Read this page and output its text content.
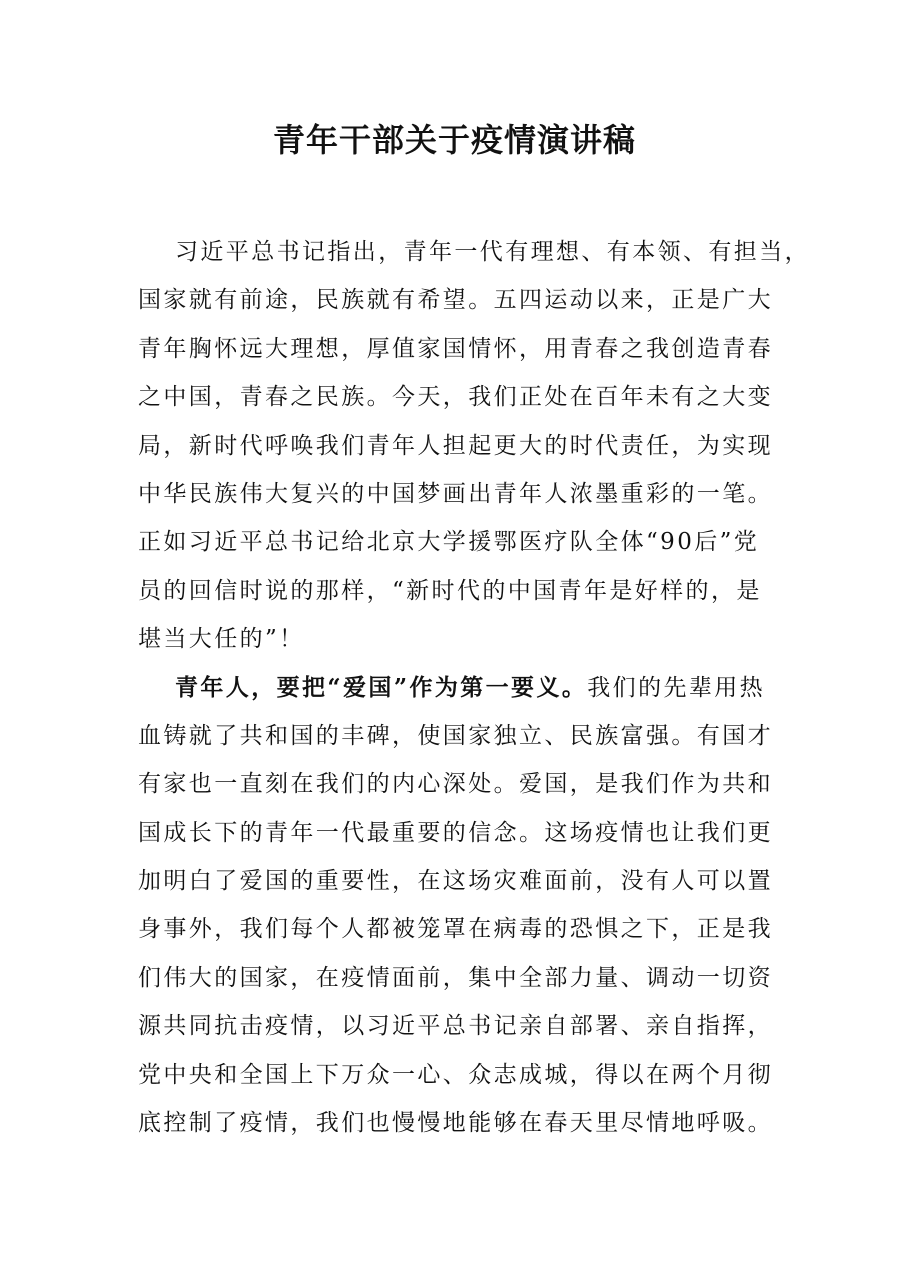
青年干部关于疫情演讲稿
习近平总书记指出，青年一代有理想、有本领、有担当，
国家就有前途，民族就有希望。五四运动以来，正是广大
青年胸怀远大理想，厚值家国情怀，用青春之我创造青春
之中国，青春之民族。今天，我们正处在百年未有之大变
局，新时代呼唤我们青年人担起更大的时代责任，为实现
中华民族伟大复兴的中国梦画出青年人浓墨重彩的一笔。
正如习近平总书记给北京大学援鄂医疗队全体“90后”党
员的回信时说的那样，“新时代的中国青年是好样的，是
堪当大任的”！
青年人，要把“爱国”作为第一要义。我们的先辈用热
血铸就了共和国的丰碑，使国家独立、民族富强。有国才
有家也一直刻在我们的内心深处。爱国，是我们作为共和
国成长下的青年一代最重要的信念。这场疫情也让我们更
加明白了爱国的重要性，在这场灾难面前，没有人可以置
身事外，我们每个人都被笼罩在病毒的恐惧之下，正是我
们伟大的国家，在疫情面前，集中全部力量、调动一切资
源共同抗击疫情，以习近平总书记亲自部署、亲自指挥，
党中央和全国上下万众一心、众志成城，得以在两个月彻
底控制了疫情，我们也慢慢地能够在春天里尽情地呼吸。
